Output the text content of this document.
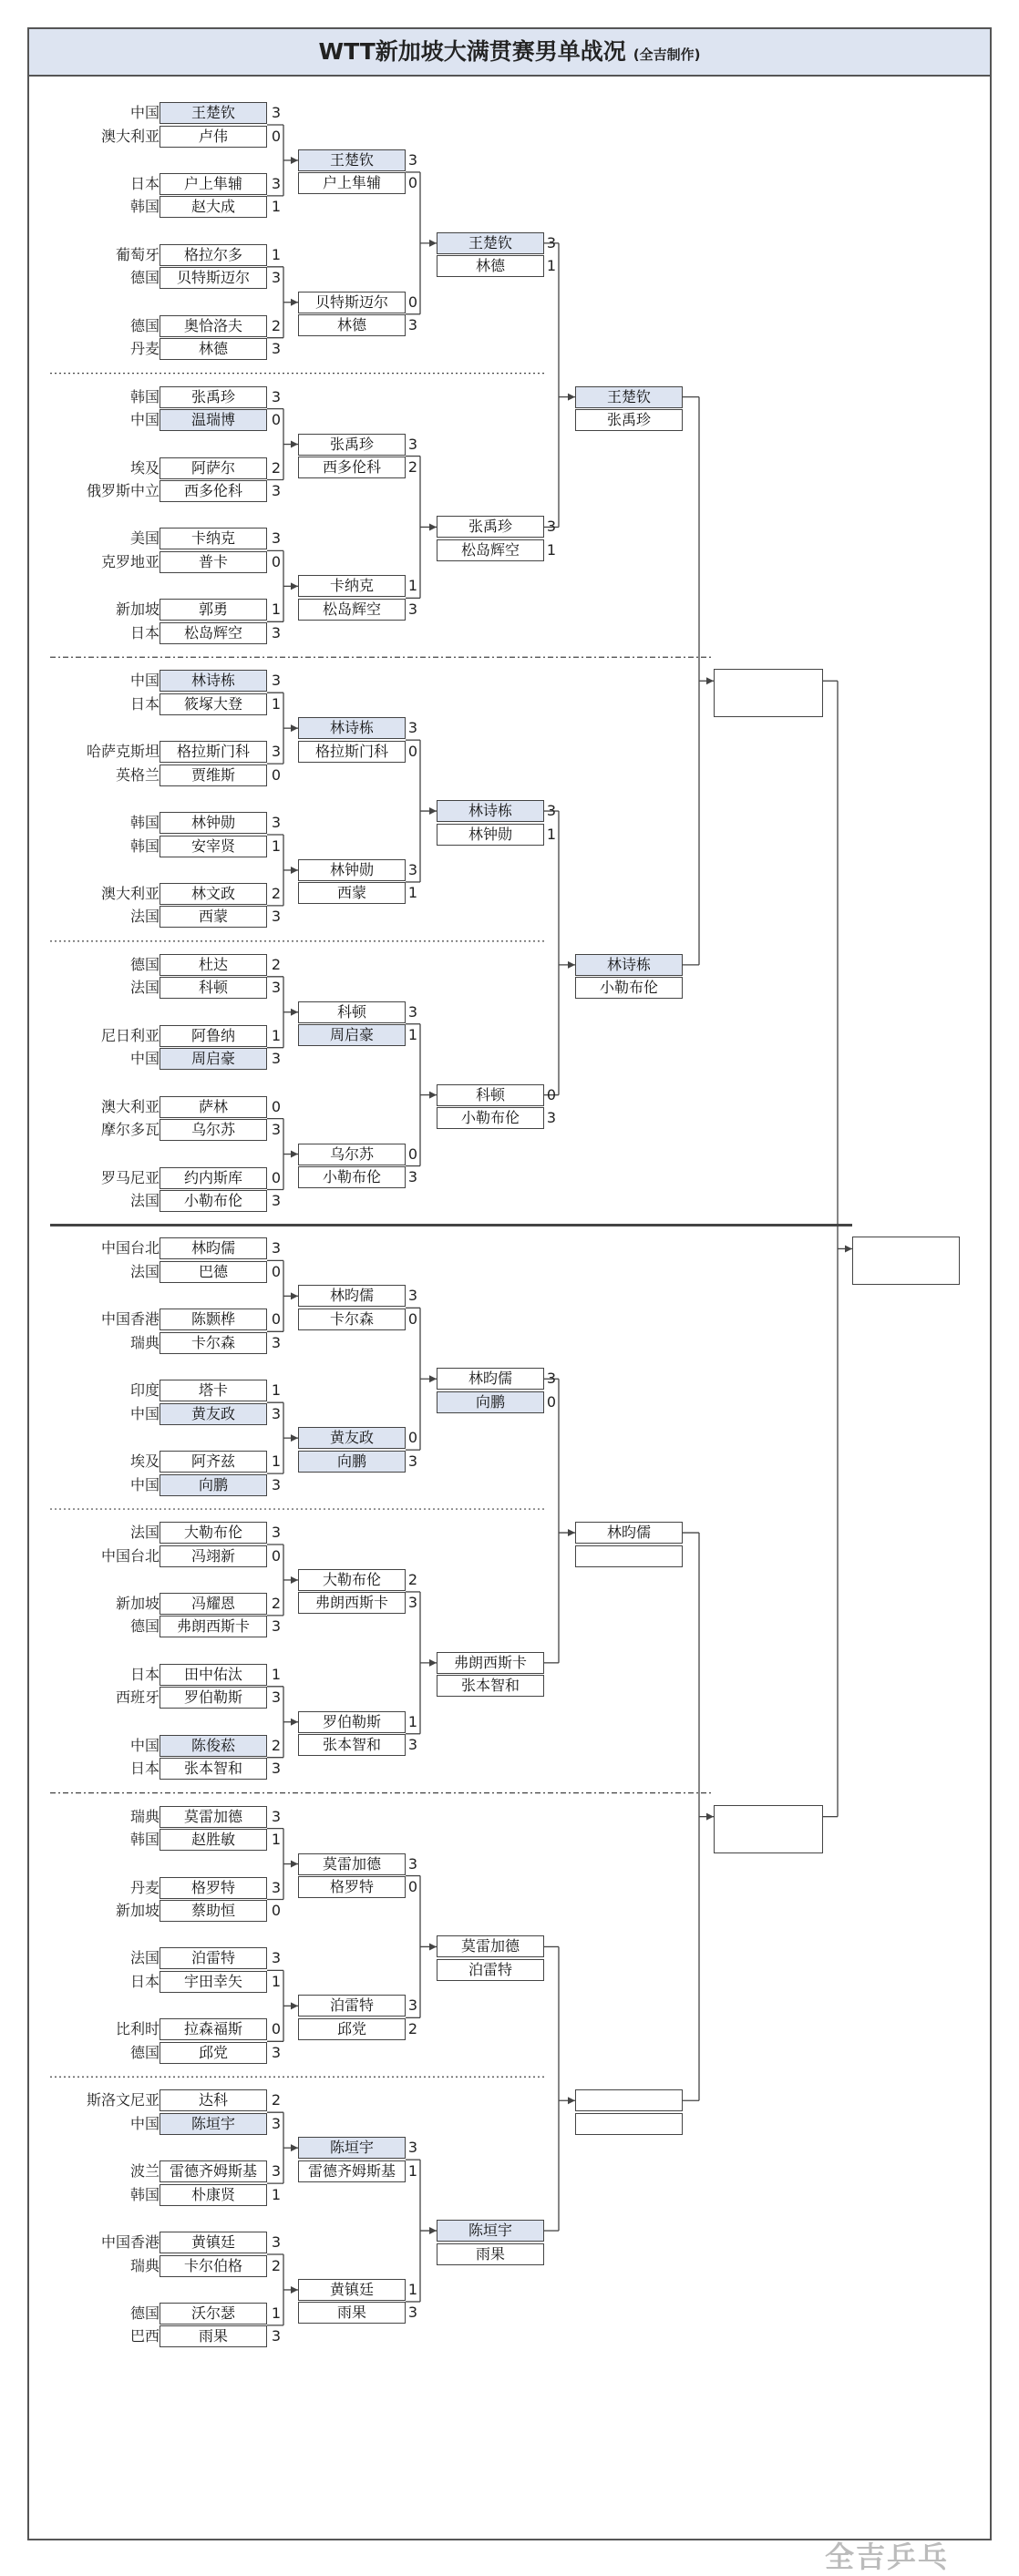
WTT新加坡大满贯赛男单战况 (全吉制作)
中国	王楚钦	3
澳大利亚	卢伟	0
日本	户上隼辅	3
韩国	赵大成	1
葡萄牙	格拉尔多	1
德国	贝特斯迈尔	3
德国	奥恰洛夫	2
丹麦	林德	3
韩国	张禹珍	3
中国	温瑞博	0
埃及	阿萨尔	2
俄罗斯中立	西多伦科	3
美国	卡纳克	3
克罗地亚	普卡	0
新加坡	郭勇	1
日本	松岛辉空	3
中国	林诗栋	3
日本	筱塚大登	1
哈萨克斯坦	格拉斯门科	3
英格兰	贾维斯	0
韩国	林钟勋	3
韩国	安宰贤	1
澳大利亚	林文政	2
法国	西蒙	3
德国	杜达	2
法国	科顿	3
尼日利亚	阿鲁纳	1
中国	周启豪	3
澳大利亚	萨林	0
摩尔多瓦	乌尔苏	3
罗马尼亚	约内斯库	0
法国	小勒布伦	3
中国台北	林昀儒	3
法国	巴德	0
中国香港	陈颢桦	0
瑞典	卡尔森	3
印度	塔卡	1
中国	黄友政	3
埃及	阿齐兹	1
中国	向鹏	3
法国	大勒布伦	3
中国台北	冯翊新	0
新加坡	冯耀恩	2
德国	弗朗西斯卡	3
日本	田中佑汰	1
西班牙	罗伯勒斯	3
中国	陈俊菘	2
日本	张本智和	3
瑞典	莫雷加德	3
韩国	赵胜敏	1
丹麦	格罗特	3
新加坡	蔡助恒	0
法国	泊雷特	3
日本	宇田幸矢	1
比利时	拉森福斯	0
德国	邱党	3
斯洛文尼亚	达科	2
中国	陈垣宇	3
波兰 雷德齐姆斯基 3
韩国	朴康贤	1
中国香港	黄镇廷	3
瑞典	卡尔伯格	2
德国	沃尔瑟	1
巴西	雨果	3
王楚钦	3
户上隼辅	0
贝特斯迈尔	0
林德	3
张禹珍	3
西多伦科	2
卡纳克	1
松岛辉空	3
林诗栋	3
格拉斯门科	0
林钟勋	3
西蒙	1
科顿	3
周启豪	1
乌尔苏	0
小勒布伦	3
林昀儒	3
卡尔森	0
黄友政	0
向鹏	3
大勒布伦	2
弗朗西斯卡	3
罗伯勒斯	1
张本智和	3
莫雷加德	3
格罗特	0
泊雷特	3
邱党	2
陈垣宇	3
雷德齐姆斯基 1
黄镇廷	1
雨果	3
王楚钦	3
林德	1
张禹珍	3
松岛辉空	1
林诗栋	3
林钟勋	1
科顿	0
小勒布伦	3
林昀儒	3
向鹏	0
弗朗西斯卡
张本智和
莫雷加德
泊雷特
陈垣宇
雨果
王楚钦
张禹珍
林诗栋
小勒布伦
林昀儒
全吉乒乓
